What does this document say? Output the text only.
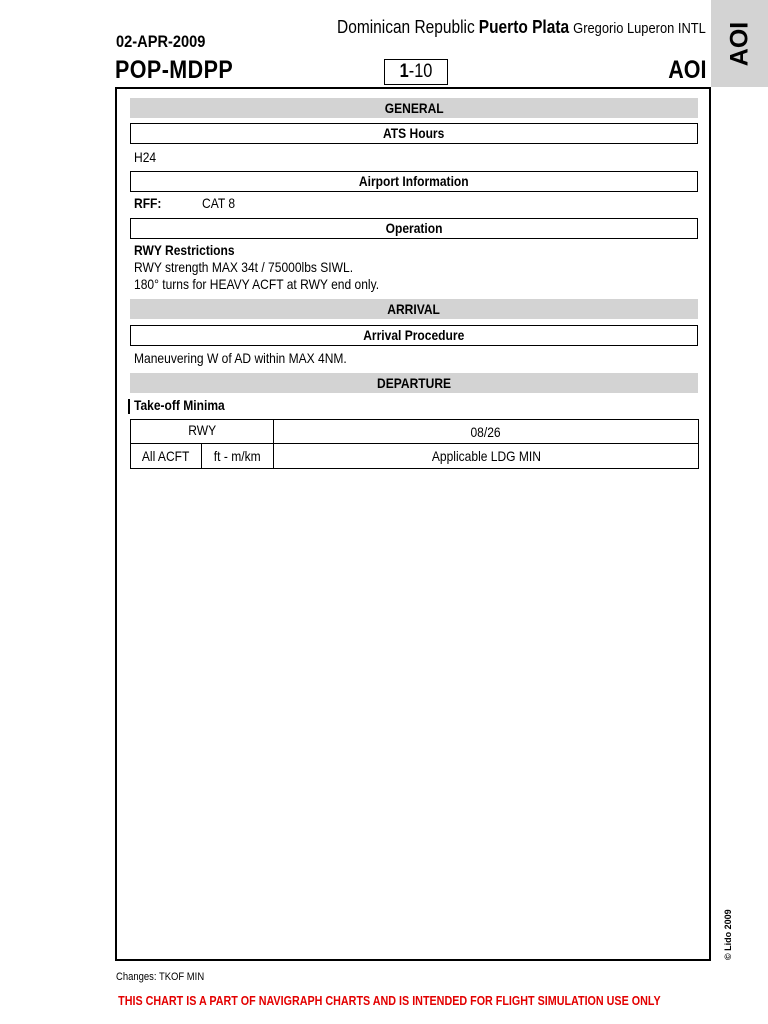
Dominican Republic Puerto Plata Gregorio Luperon INTL
02-APR-2009
POP-MDPP	1-10	AOI
AOI
GENERAL
ATS Hours
H24
Airport Information
RFF:	CAT 8
Operation
RWY Restrictions
RWY strength MAX 34t / 75000lbs SIWL.
180° turns for HEAVY ACFT at RWY end only.
ARRIVAL
Arrival Procedure
Maneuvering W of AD within MAX 4NM.
DEPARTURE
Take-off Minima
RWY	08/26
All ACFT	ft - m/km	Applicable LDG MIN
© Lido 2009
Changes: TKOF MIN
THIS CHART IS A PART OF NAVIGRAPH CHARTS AND IS INTENDED FOR FLIGHT SIMULATION USE ONLY
